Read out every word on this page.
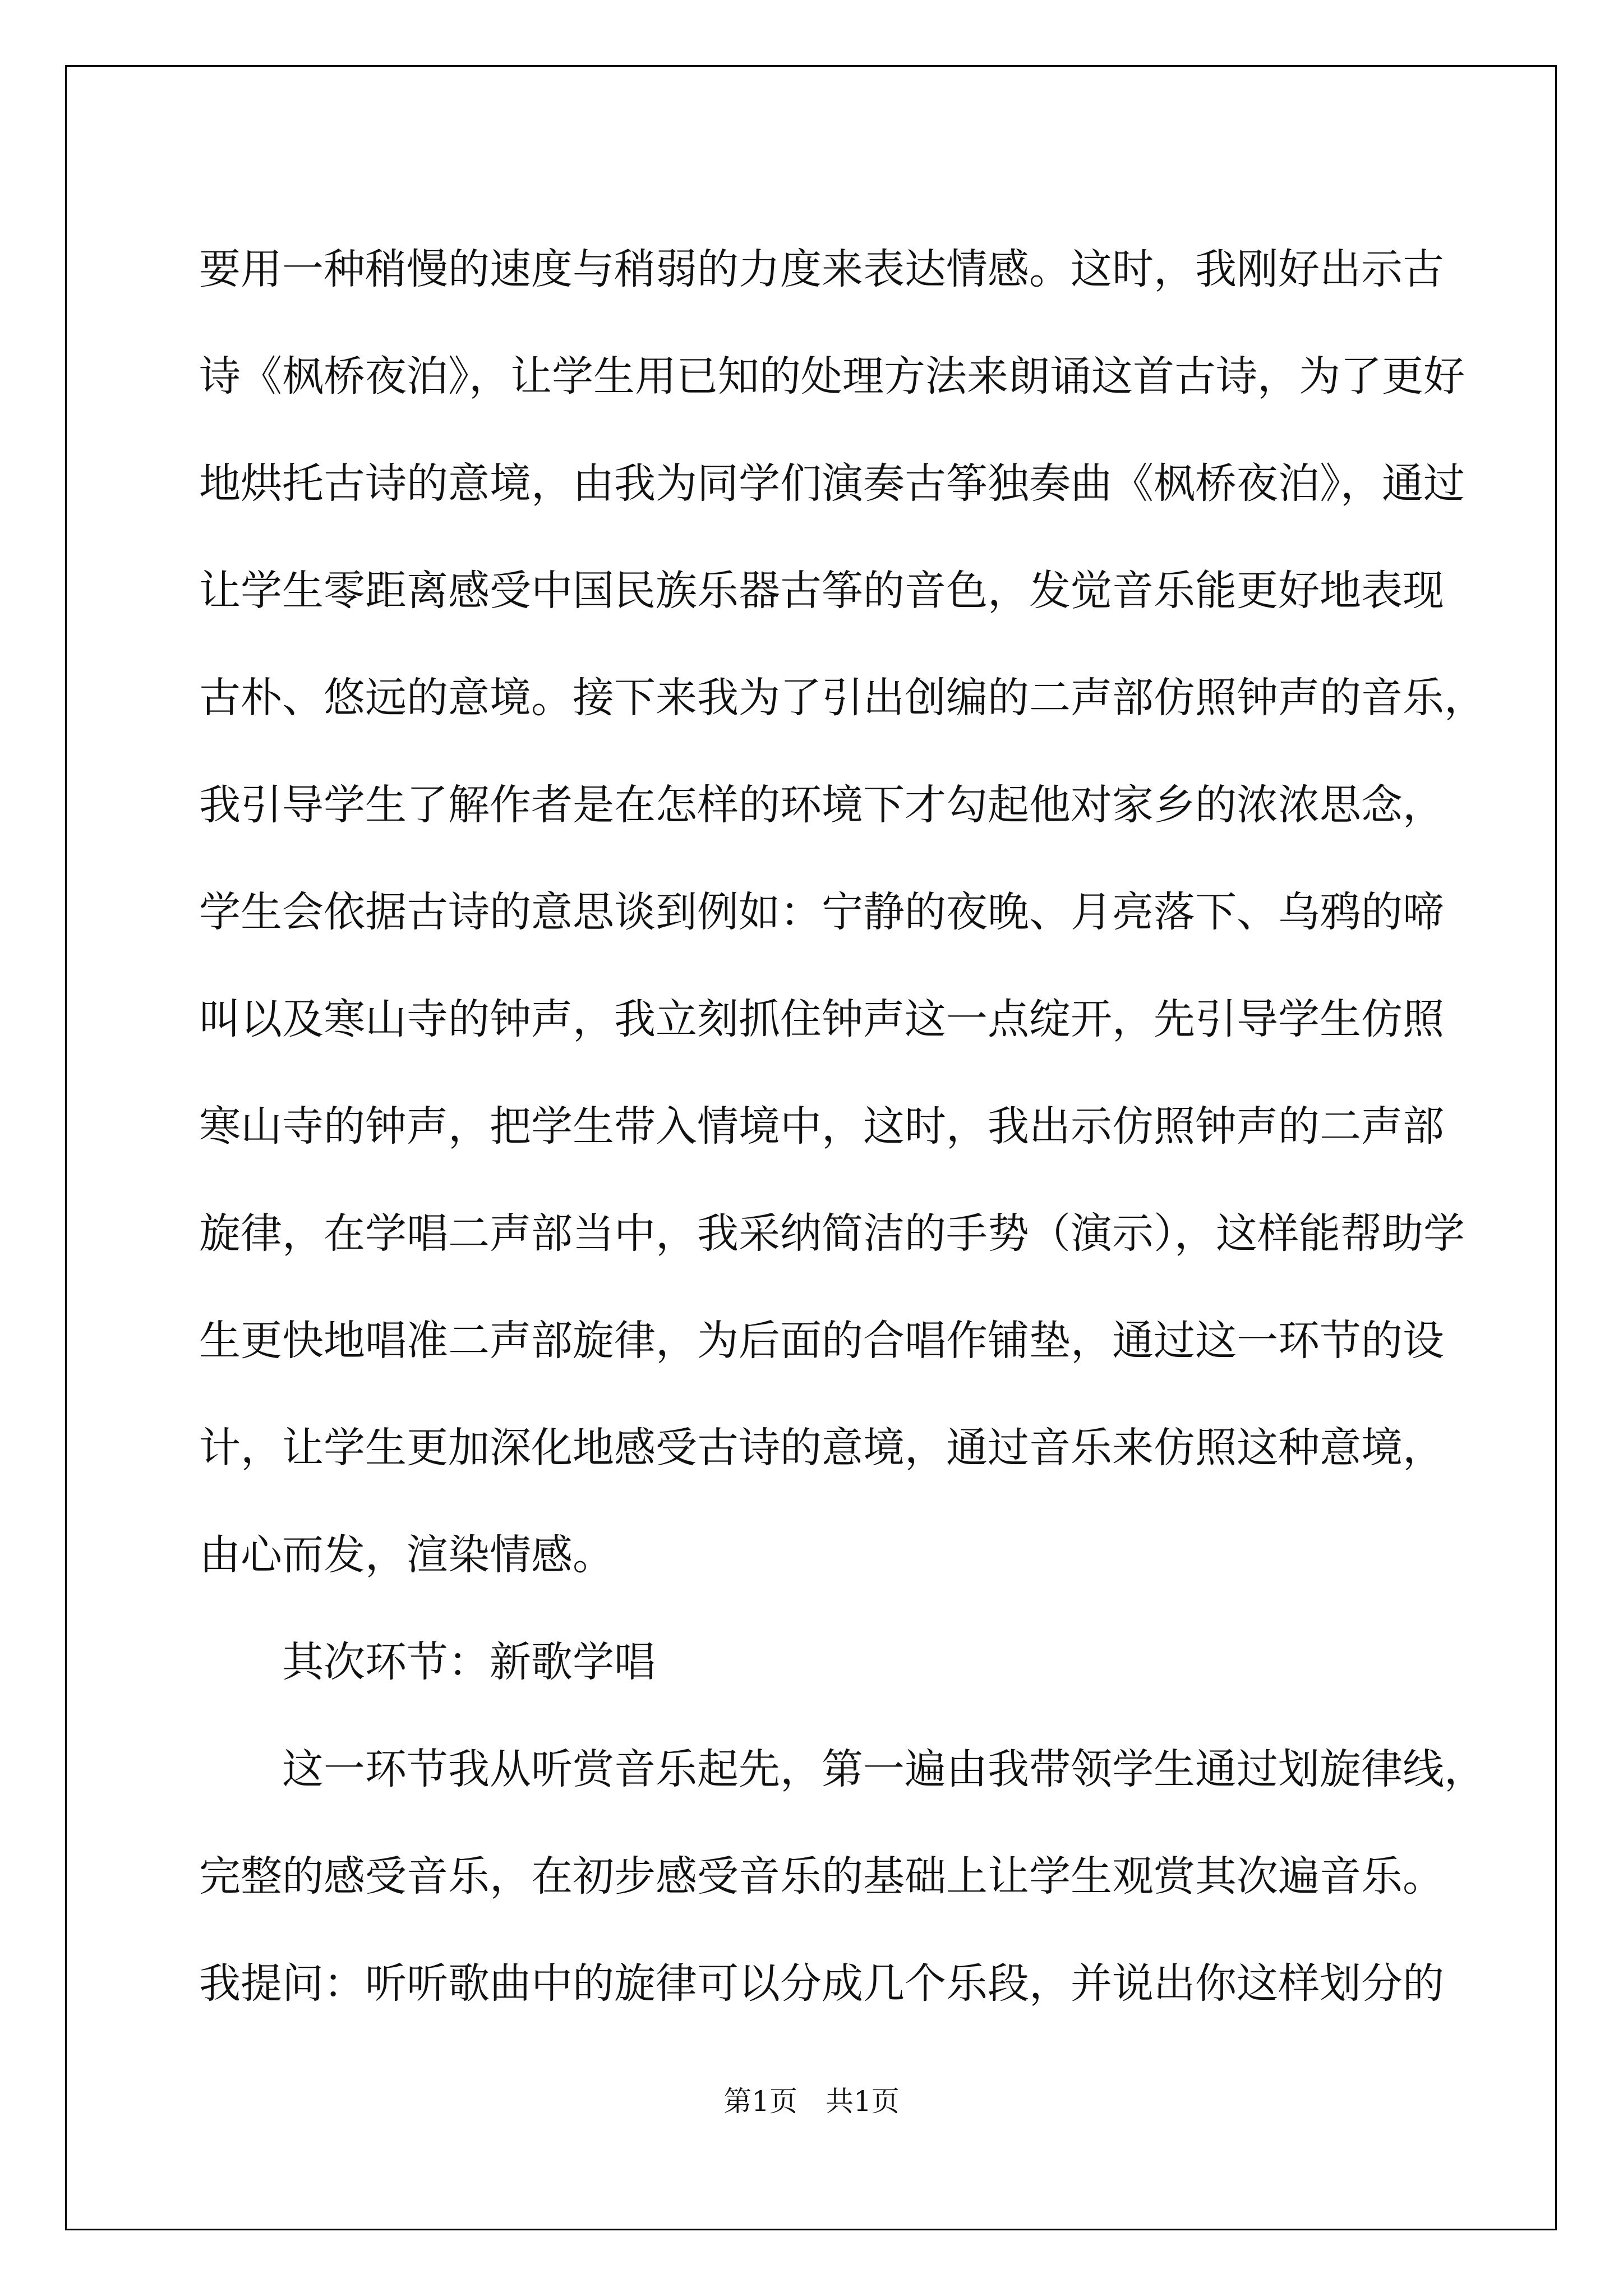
要用一种稍慢的速度与稍弱的力度来表达情感。这时，我刚好出示古
诗《枫桥夜泊》，让学生用已知的处理方法来朗诵这首古诗，为了更好
地烘托古诗的意境，由我为同学们演奏古筝独奏曲《枫桥夜泊》，通过
让学生零距离感受中国民族乐器古筝的音色，发觉音乐能更好地表现
古朴、悠远的意境。接下来我为了引出创编的二声部仿照钟声的音乐，
我引导学生了解作者是在怎样的环境下才勾起他对家乡的浓浓思念，
学生会依据古诗的意思谈到例如：宁静的夜晚、月亮落下、乌鸦的啼
叫以及寒山寺的钟声，我立刻抓住钟声这一点绽开，先引导学生仿照
寒山寺的钟声，把学生带入情境中，这时，我出示仿照钟声的二声部
旋律，在学唱二声部当中，我采纳简洁的手势（演示），这样能帮助学
生更快地唱准二声部旋律，为后面的合唱作铺垫，通过这一环节的设
计，让学生更加深化地感受古诗的意境，通过音乐来仿照这种意境，
由心而发，渲染情感。
其次环节：新歌学唱
这一环节我从听赏音乐起先，第一遍由我带领学生通过划旋律线，
完整的感受音乐，在初步感受音乐的基础上让学生观赏其次遍音乐。
我提问：听听歌曲中的旋律可以分成几个乐段，并说出你这样划分的
第1页 共1页
